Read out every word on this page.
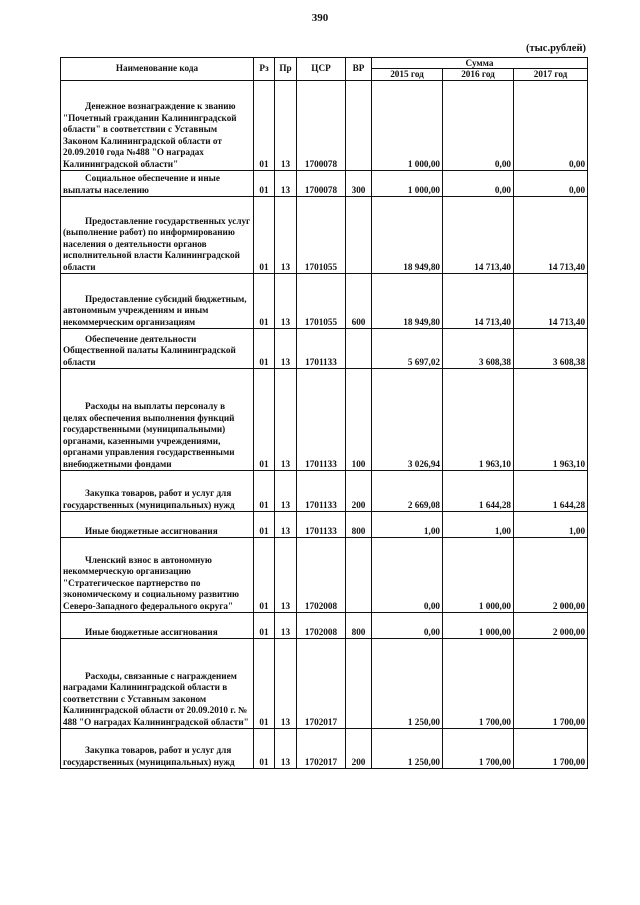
390
(тыс.рублей)
Наименование кода	Рз	Пр	ЦСР	ВР	Сумма		
					2015 год	2016 год	2017 год
Денежное вознаграждение к званию "Почетный гражданин Калининградской области" в соответствии с Уставным Законом Калининградской области от 20.09.2010 года №488 "О наградах Калининградской области"	01	13	1700078		1 000,00	0,00	0,00
Социальное обеспечение и иные выплаты населению	01	13	1700078	300	1 000,00	0,00	0,00
Предоставление государственных услуг (выполнение работ) по информированию населения о деятельности органов исполнительной власти Калининградской области	01	13	1701055		18 949,80	14 713,40	14 713,40
Предоставление субсидий бюджетным, автономным учреждениям и иным некоммерческим организациям	01	13	1701055	600	18 949,80	14 713,40	14 713,40
Обеспечение деятельности Общественной палаты Калининградской области	01	13	1701133		5 697,02	3 608,38	3 608,38
Расходы на выплаты персоналу в целях обеспечения выполнения функций государственными (муниципальными) органами, казенными учреждениями, органами управления государственными внебюджетными фондами	01	13	1701133	100	3 026,94	1 963,10	1 963,10
Закупка товаров, работ и услуг для государственных (муниципальных) нужд	01	13	1701133	200	2 669,08	1 644,28	1 644,28
Иные бюджетные ассигнования	01	13	1701133	800	1,00	1,00	1,00
Членский взнос в автономную некоммерческую организацию "Стратегическое партнерство по экономическому и социальному развитию Северо-Западного федерального округа"	01	13	1702008		0,00	1 000,00	2 000,00
Иные бюджетные ассигнования	01	13	1702008	800	0,00	1 000,00	2 000,00
Расходы, связанные с награждением наградами Калининградской области в соответствии с Уставным законом Калининградской области от 20.09.2010 г. № 488 "О наградах Калининградской области"	01	13	1702017		1 250,00	1 700,00	1 700,00
Закупка товаров, работ и услуг для государственных (муниципальных) нужд	01	13	1702017	200	1 250,00	1 700,00	1 700,00
